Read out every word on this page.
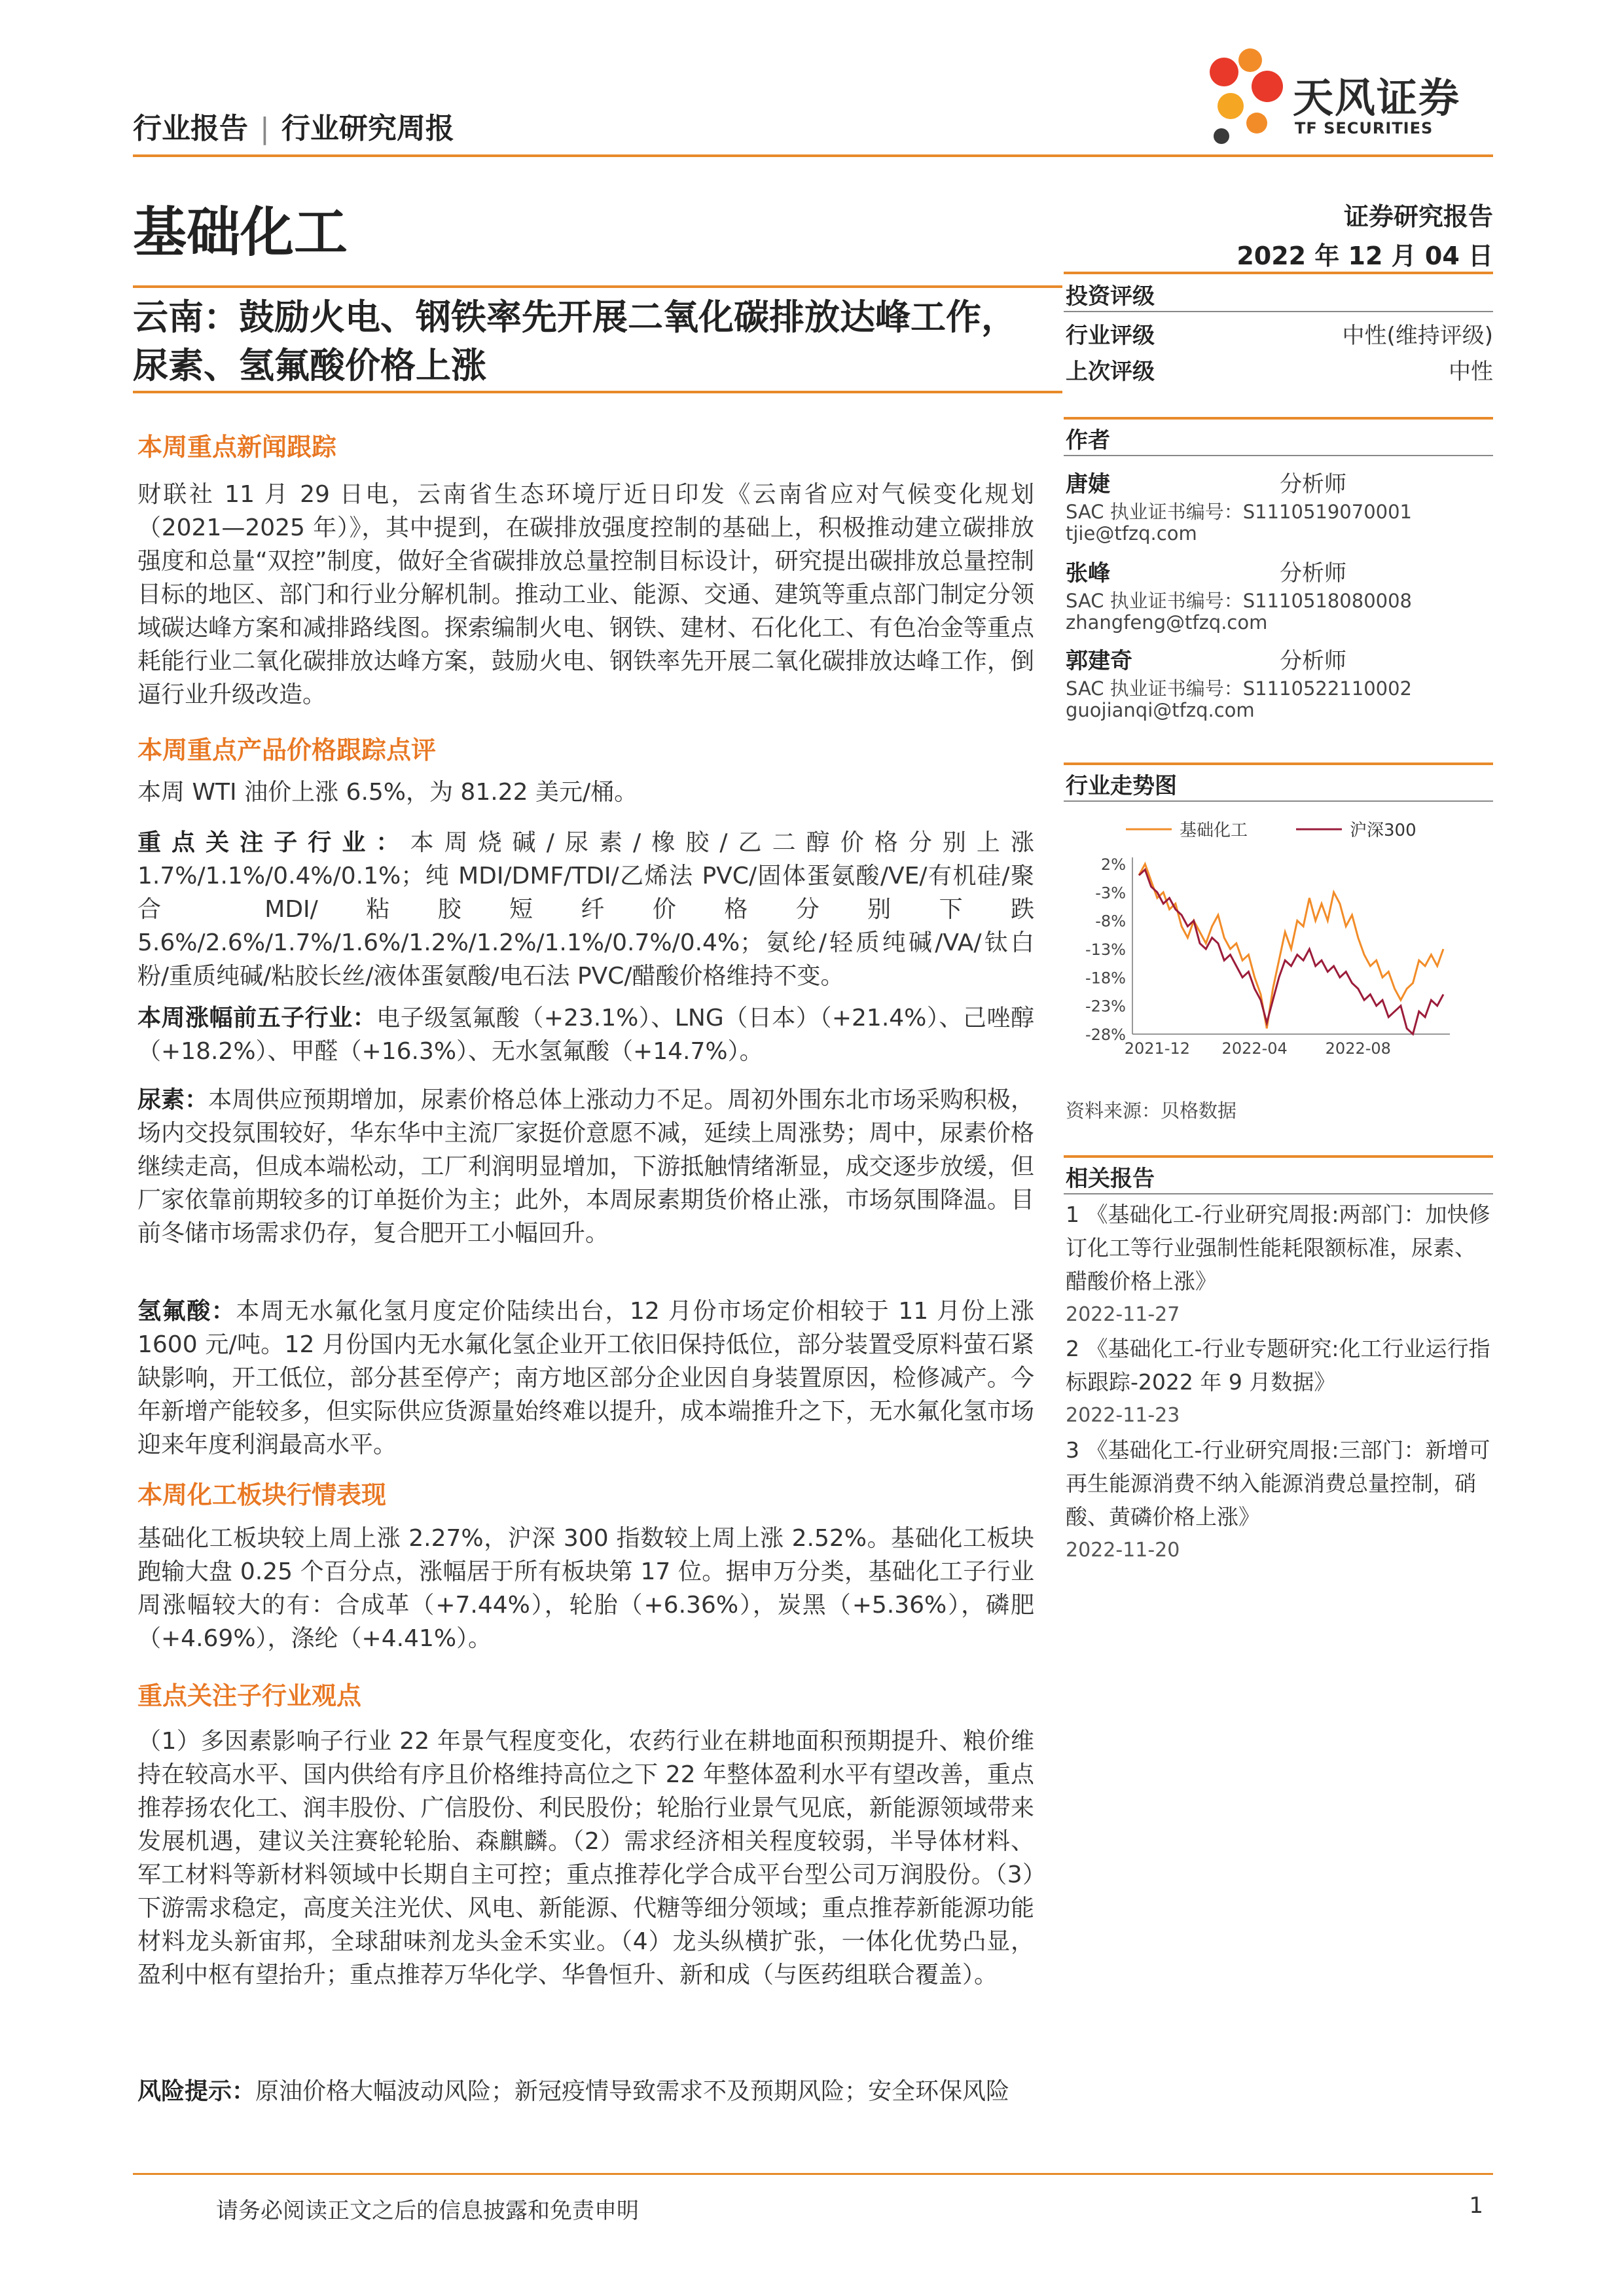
行业报告 | 行业研究周报
天风证券
TF SECURITIES
基础化工	证券研究报告
2022 年 12 月 04 日
云南：鼓励火电、钢铁率先开展二氧化碳排放达峰工作，尿素、氢氟酸价格上涨
本周重点新闻跟踪
财联社 11 月 29 日电，云南省生态环境厅近日印发《云南省应对气候变化规划（2021—2025 年）》，其中提到，在碳排放强度控制的基础上，积极推动建立碳排放强度和总量“双控”制度，做好全省碳排放总量控制目标设计，研究提出碳排放总量控制目标的地区、部门和行业分解机制。推动工业、能源、交通、建筑等重点部门制定分领域碳达峰方案和减排路线图。探索编制火电、钢铁、建材、石化化工、有色冶金等重点耗能行业二氧化碳排放达峰方案，鼓励火电、钢铁率先开展二氧化碳排放达峰工作，倒逼行业升级改造。
本周重点产品价格跟踪点评
本周 WTI 油价上涨 6.5%，为 81.22 美元/桶。
重点关注子行业：本周烧碱/尿素/橡胶/乙二醇价格分别上涨 1.7%/1.1%/0.4%/0.1%；纯 MDI/DMF/TDI/乙烯法 PVC/固体蛋氨酸/VE/有机硅/聚合 MDI/粘胶短纤价格分别下跌 5.6%/2.6%/1.7%/1.6%/1.2%/1.2%/1.1%/0.7%/0.4%；氨纶/轻质纯碱/VA/钛白粉/重质纯碱/粘胶长丝/液体蛋氨酸/电石法 PVC/醋酸价格维持不变。
本周涨幅前五子行业：电子级氢氟酸（+23.1%）、LNG（日本）（+21.4%）、己唑醇（+18.2%）、甲醛（+16.3%）、无水氢氟酸（+14.7%）。
尿素：本周供应预期增加，尿素价格总体上涨动力不足。周初外围东北市场采购积极，场内交投氛围较好，华东华中主流厂家挺价意愿不减，延续上周涨势；周中，尿素价格继续走高，但成本端松动，工厂利润明显增加，下游抵触情绪渐显，成交逐步放缓，但厂家依靠前期较多的订单挺价为主；此外，本周尿素期货价格止涨，市场氛围降温。目前冬储市场需求仍存，复合肥开工小幅回升。
氢氟酸：本周无水氟化氢月度定价陆续出台，12 月份市场定价相较于 11 月份上涨 1600 元/吨。12 月份国内无水氟化氢企业开工依旧保持低位，部分装置受原料萤石紧缺影响，开工低位，部分甚至停产；南方地区部分企业因自身装置原因，检修减产。今年新增产能较多，但实际供应货源量始终难以提升，成本端推升之下，无水氟化氢市场迎来年度利润最高水平。
本周化工板块行情表现
基础化工板块较上周上涨 2.27%，沪深 300 指数较上周上涨 2.52%。基础化工板块跑输大盘 0.25 个百分点，涨幅居于所有板块第 17 位。据申万分类，基础化工子行业周涨幅较大的有：合成革（+7.44%），轮胎（+6.36%），炭黑（+5.36%），磷肥（+4.69%），涤纶（+4.41%）。
重点关注子行业观点
（1）多因素影响子行业 22 年景气程度变化，农药行业在耕地面积预期提升、粮价维持在较高水平、国内供给有序且价格维持高位之下 22 年整体盈利水平有望改善，重点推荐扬农化工、润丰股份、广信股份、利民股份；轮胎行业景气见底，新能源领域带来发展机遇，建议关注赛轮轮胎、森麒麟。（2）需求经济相关程度较弱，半导体材料、军工材料等新材料领域中长期自主可控；重点推荐化学合成平台型公司万润股份。（3）下游需求稳定，高度关注光伏、风电、新能源、代糖等细分领域；重点推荐新能源功能材料龙头新宙邦，全球甜味剂龙头金禾实业。（4）龙头纵横扩张，一体化优势凸显，盈利中枢有望抬升；重点推荐万华化学、华鲁恒升、新和成（与医药组联合覆盖）。
风险提示：原油价格大幅波动风险；新冠疫情导致需求不及预期风险；安全环保风险
投资评级
行业评级	中性(维持评级)
上次评级	中性
作者
唐婕	分析师
SAC 执业证书编号：S1110519070001
tjie@tfzq.com
张峰	分析师
SAC 执业证书编号：S1110518080008
zhangfeng@tfzq.com
郭建奇	分析师
SAC 执业证书编号：S1110522110002
guojianqi@tfzq.com
行业走势图
基础化工	沪深300
2%
-3%
-8%
-13%
-18%
-23%
-28%
2021-12 2022-04 2022-08
资料来源：贝格数据
相关报告
1 《基础化工-行业研究周报:两部门：加快修订化工等行业强制性能耗限额标准，尿素、醋酸价格上涨》
2022-11-27
2 《基础化工-行业专题研究:化工行业运行指标跟踪-2022 年 9 月数据》
2022-11-23
3 《基础化工-行业研究周报:三部门：新增可再生能源消费不纳入能源消费总量控制，硝酸、黄磷价格上涨》
2022-11-20
请务必阅读正文之后的信息披露和免责申明	1
